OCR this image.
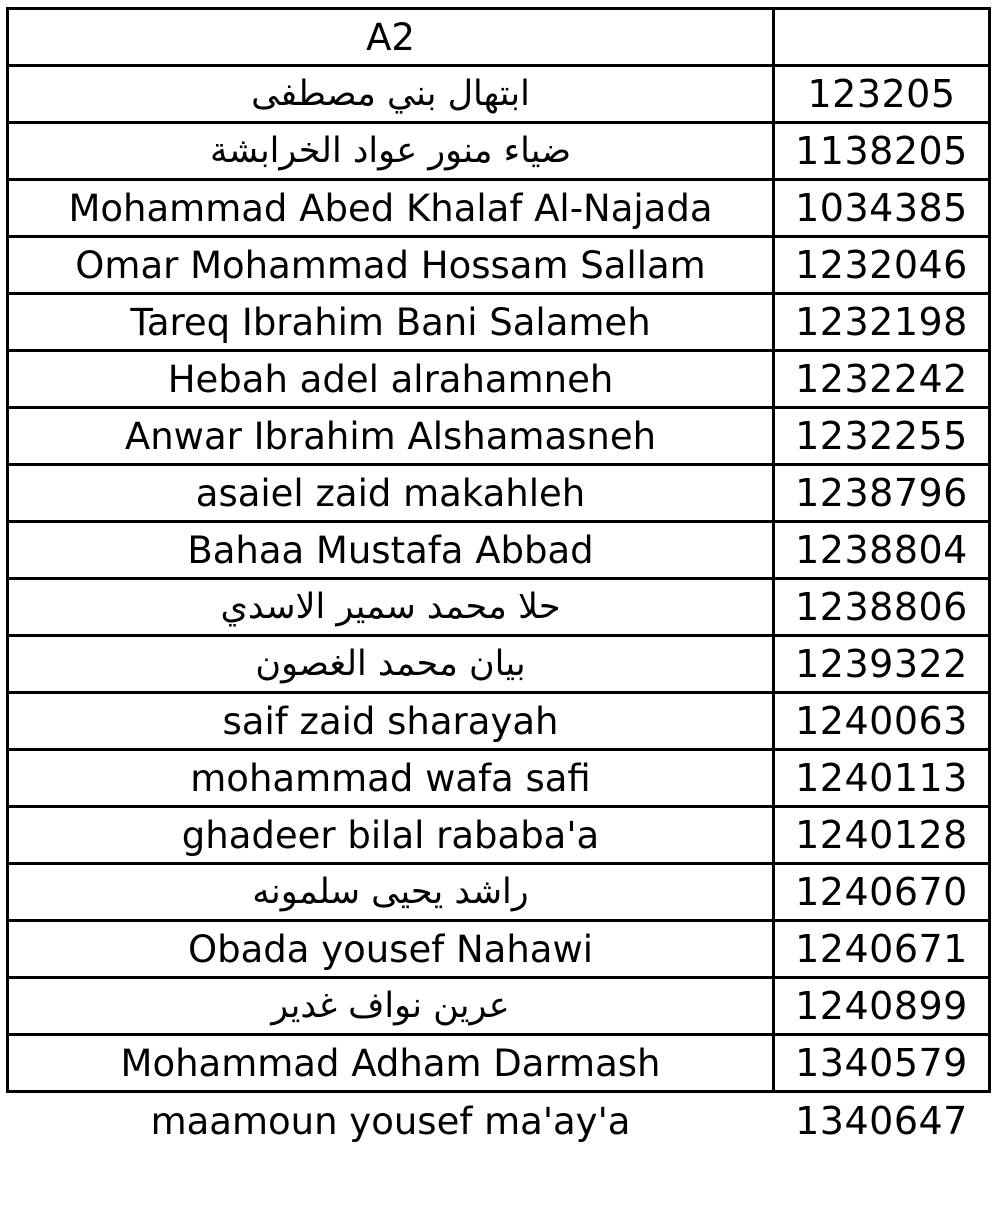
A2	
ابتهال بني مصطفى	123205
ضياء منور عواد الخرابشة	1138205
Mohammad Abed Khalaf Al-Najada	1034385
Omar Mohammad Hossam Sallam	1232046
Tareq Ibrahim Bani Salameh	1232198
Hebah adel alrahamneh	1232242
Anwar Ibrahim Alshamasneh	1232255
asaiel zaid makahleh	1238796
Bahaa Mustafa Abbad	1238804
حلا محمد سمير الاسدي	1238806
بيان محمد الغصون	1239322
saif zaid sharayah	1240063
mohammad wafa safi	1240113
ghadeer bilal rababa'a	1240128
راشد يحيى سلمونه	1240670
Obada yousef Nahawi	1240671
عرين نواف غدير	1240899
Mohammad Adham Darmash	1340579
maamoun yousef ma'ay'a	1340647
